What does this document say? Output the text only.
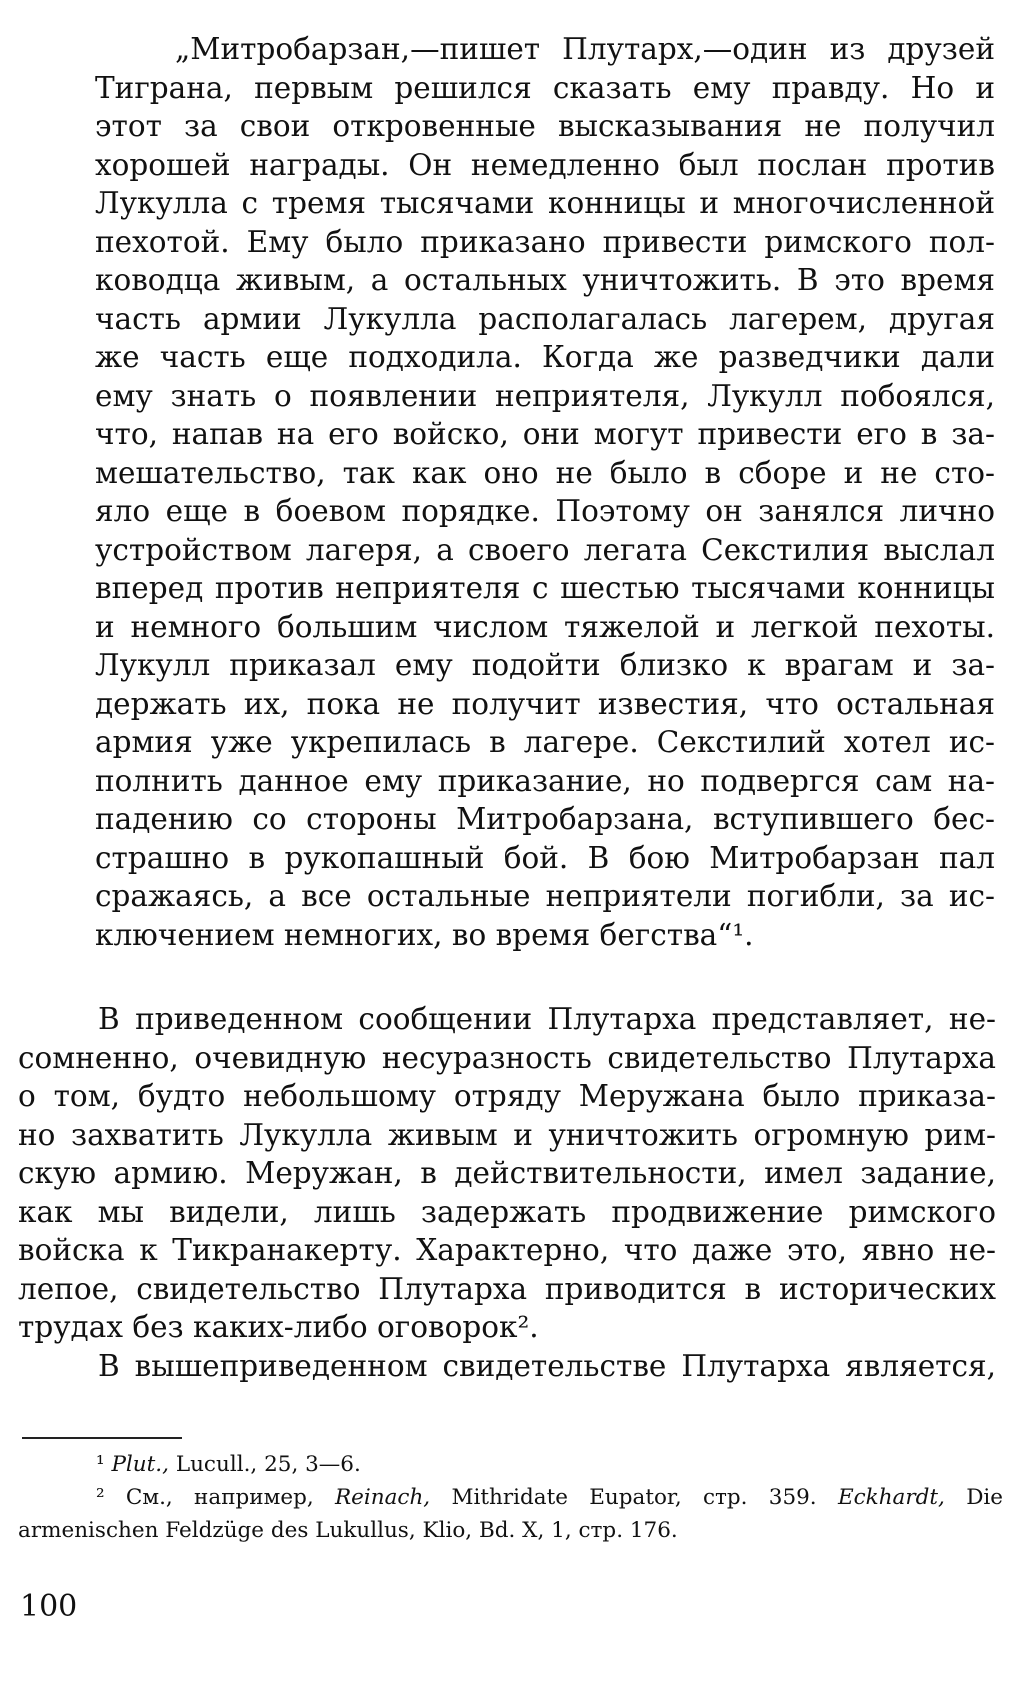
„Митробарзан,—пишет Плутарх,—один из друзей
Тиграна, первым решился сказать ему правду. Но и
этот за свои откровенные высказывания не получил
хорошей награды. Он немедленно был послан против
Лукулла с тремя тысячами конницы и многочисленной
пехотой. Ему было приказано привести римского пол-
ководца живым, а остальных уничтожить. В это время
часть армии Лукулла располагалась лагерем, другая
же часть еще подходила. Когда же разведчики дали
ему знать о появлении неприятеля, Лукулл побоялся,
что, напав на его войско, они могут привести его в за-
мешательство, так как оно не было в сборе и не сто-
яло еще в боевом порядке. Поэтому он занялся лично
устройством лагеря, а своего легата Секстилия выслал
вперед против неприятеля с шестью тысячами конницы
и немного большим числом тяжелой и легкой пехоты.
Лукулл приказал ему подойти близко к врагам и за-
держать их, пока не получит известия, что остальная
армия уже укрепилась в лагере. Секстилий хотел ис-
полнить данное ему приказание, но подвергся сам на-
падению со стороны Митробарзана, вступившего бес-
страшно в рукопашный бой. В бою Митробарзан пал
сражаясь, а все остальные неприятели погибли, за ис-
ключением немногих, во время бегства“¹.
В приведенном сообщении Плутарха представляет, не-
сомненно, очевидную несуразность свидетельство Плутарха
о том, будто небольшому отряду Меружана было приказа-
но захватить Лукулла живым и уничтожить огромную рим-
скую армию. Меружан, в действительности, имел задание,
как мы видели, лишь задержать продвижение римского
войска к Тикранакерту. Характерно, что даже это, явно не-
лепое, свидетельство Плутарха приводится в исторических
трудах без каких-либо оговорок².
В вышеприведенном свидетельстве Плутарха является,
¹ Plut., Lucull., 25, 3—6.
² См., например, Reinach, Mithridate Eupator, стр. 359. Eckhardt, Die
armenischen Feldzüge des Lukullus, Klio, Bd. X, 1, стр. 176.
100
